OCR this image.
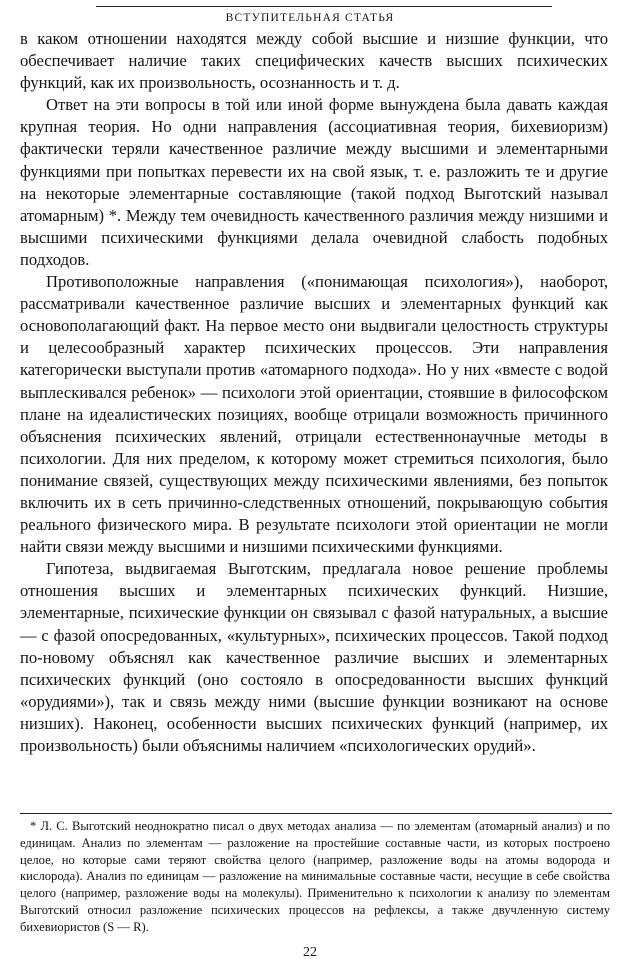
ВСТУПИТЕЛЬНАЯ СТАТЬЯ

в каком отношении находятся между собой высшие и низшие функции, что обеспечивает наличие таких специфических качеств высших психических функций, как их произвольность, осознанность и т. д.

Ответ на эти вопросы в той или иной форме вынуждена была давать каждая крупная теория. Но одни направления (ассоциативная теория, бихевиоризм) фактически теряли качественное различие между высшими и элементарными функциями при попытках перевести их на свой язык, т. е. разложить те и другие на некоторые элементарные составляющие (такой подход Выготский называл атомарным) *. Между тем очевидность качественного различия между низшими и высшими психическими функциями делала очевидной слабость подобных подходов.

Противоположные направления («понимающая психология»), наоборот, рассматривали качественное различие высших и элементарных функций как основополагающий факт. На первое место они выдвигали целостность структуры и целесообразный характер психических процессов. Эти направления категорически выступали против «атомарного подхода». Но у них «вместе с водой выплескивался ребенок» — психологи этой ориентации, стоявшие в философском плане на идеалистических позициях, вообще отрицали возможность причинного объяснения психических явлений, отрицали естественнонаучные методы в психологии. Для них пределом, к которому может стремиться психология, было понимание связей, существующих между психическими явлениями, без попыток включить их в сеть причинно-следственных отношений, покрывающую события реального физического мира. В результате психологи этой ориентации не могли найти связи между высшими и низшими психическими функциями.

Гипотеза, выдвигаемая Выготским, предлагала новое решение проблемы отношения высших и элементарных психических функций. Низшие, элементарные, психические функции он связывал с фазой натуральных, а высшие — с фазой опосредованных, «культурных», психических процессов. Такой подход по-новому объяснял как качественное различие высших и элементарных психических функций (оно состояло в опосредованности высших функций «орудиями»), так и связь между ними (высшие функции возникают на основе низших). Наконец, особенности высших психических функций (например, их произвольность) были объяснимы наличием «психологических орудий».

* Л. С. Выготский неоднократно писал о двух методах анализа — по элементам (атомарный анализ) и по единицам. Анализ по элементам — разложение на простейшие составные части, из которых построено целое, но которые сами теряют свойства целого (например, разложение воды на атомы водорода и кислорода). Анализ по единицам — разложение на минимальные составные части, несущие в себе свойства целого (например, разложение воды на молекулы). Применительно к психологии к анализу по элементам Выготский относил разложение психических процессов на рефлексы, а также двучленную систему бихевиористов (S — R).

22
